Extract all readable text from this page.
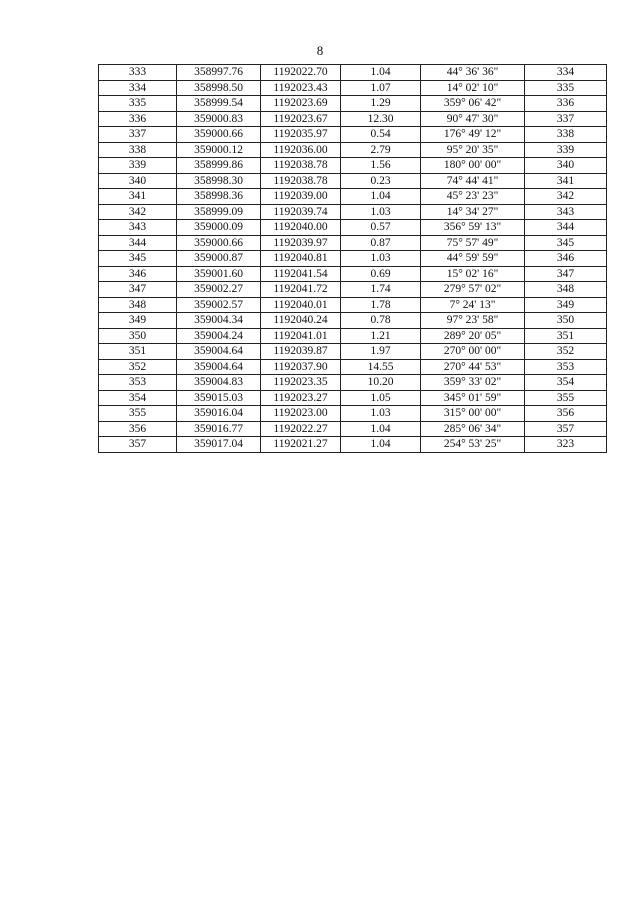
8
333	358997.76	1192022.70	1.04	44° 36' 36"	334
334	358998.50	1192023.43	1.07	14° 02' 10"	335
335	358999.54	1192023.69	1.29	359° 06' 42"	336
336	359000.83	1192023.67	12.30	90° 47' 30"	337
337	359000.66	1192035.97	0.54	176° 49' 12"	338
338	359000.12	1192036.00	2.79	95° 20' 35"	339
339	358999.86	1192038.78	1.56	180° 00' 00"	340
340	358998.30	1192038.78	0.23	74° 44' 41"	341
341	358998.36	1192039.00	1.04	45° 23' 23"	342
342	358999.09	1192039.74	1.03	14° 34' 27"	343
343	359000.09	1192040.00	0.57	356° 59' 13"	344
344	359000.66	1192039.97	0.87	75° 57' 49"	345
345	359000.87	1192040.81	1.03	44° 59' 59"	346
346	359001.60	1192041.54	0.69	15° 02' 16"	347
347	359002.27	1192041.72	1.74	279° 57' 02"	348
348	359002.57	1192040.01	1.78	7° 24' 13"	349
349	359004.34	1192040.24	0.78	97° 23' 58"	350
350	359004.24	1192041.01	1.21	289° 20' 05"	351
351	359004.64	1192039.87	1.97	270° 00' 00"	352
352	359004.64	1192037.90	14.55	270° 44' 53"	353
353	359004.83	1192023.35	10.20	359° 33' 02"	354
354	359015.03	1192023.27	1.05	345° 01' 59"	355
355	359016.04	1192023.00	1.03	315° 00' 00"	356
356	359016.77	1192022.27	1.04	285° 06' 34"	357
357	359017.04	1192021.27	1.04	254° 53' 25"	323
